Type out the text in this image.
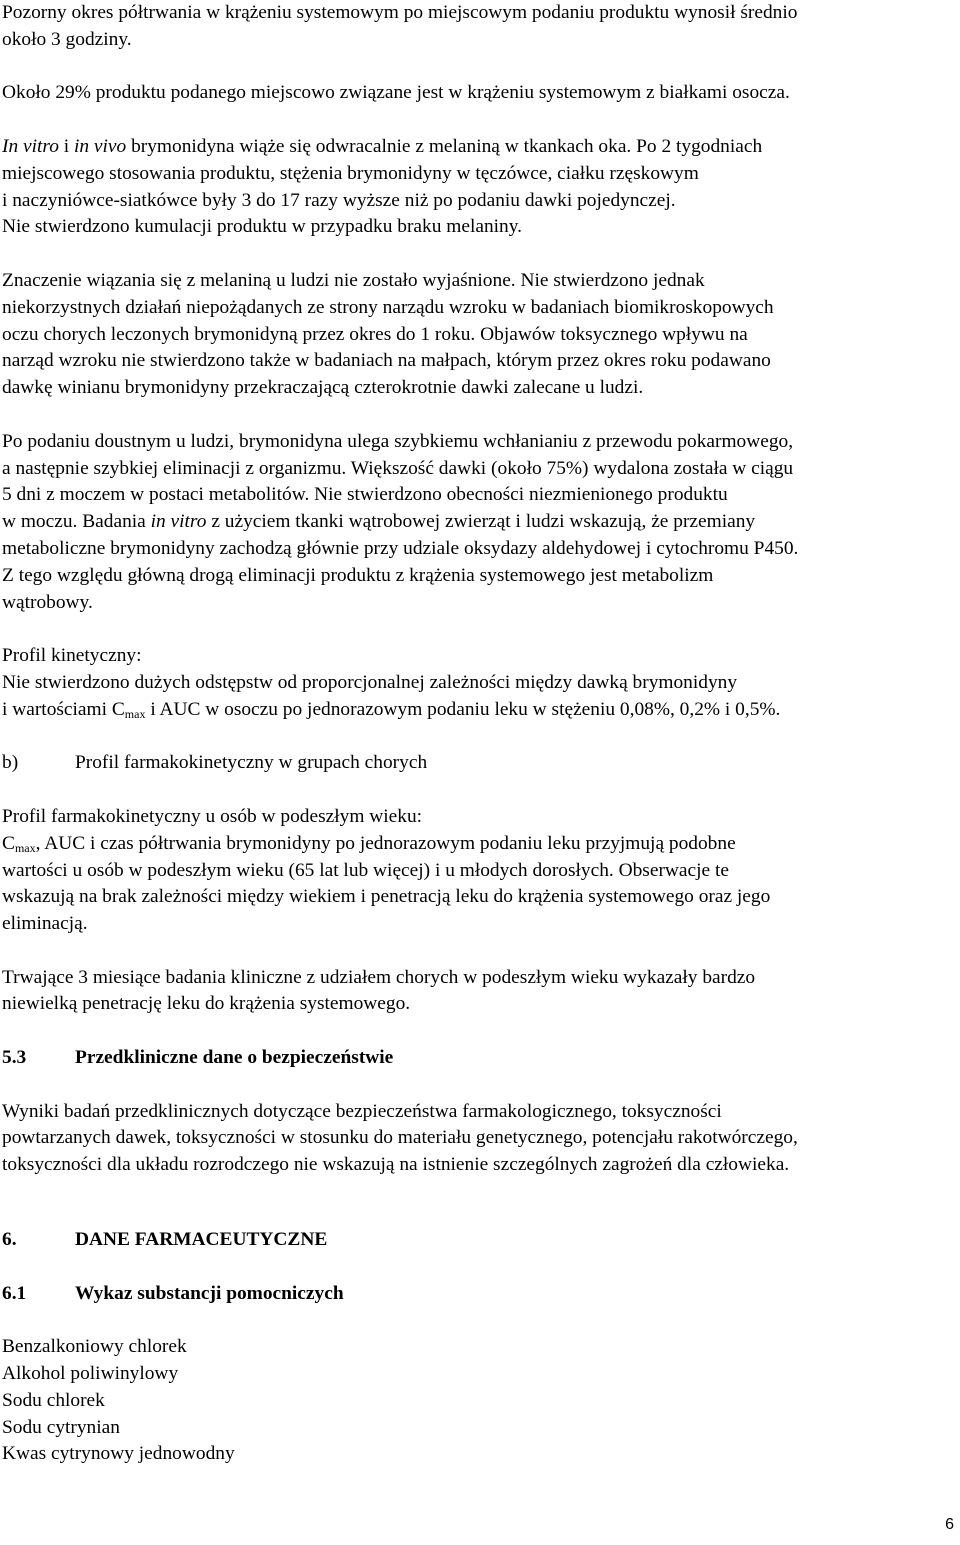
Pozorny okres półtrwania w krążeniu systemowym po miejscowym podaniu produktu wynosił średnio
około 3 godziny.

Około 29% produktu podanego miejscowo związane jest w krążeniu systemowym z białkami osocza.

In vitro i in vivo brymonidyna wiąże się odwracalnie z melaniną w tkankach oka. Po 2 tygodniach
miejscowego stosowania produktu, stężenia brymonidyny w tęczówce, ciałku rzęskowym
i naczyniówce-siatkówce były 3 do 17 razy wyższe niż po podaniu dawki pojedynczej.
Nie stwierdzono kumulacji produktu w przypadku braku melaniny.

Znaczenie wiązania się z melaniną u ludzi nie zostało wyjaśnione. Nie stwierdzono jednak
niekorzystnych działań niepożądanych ze strony narządu wzroku w badaniach biomikroskopowych
oczu chorych leczonych brymonidyną przez okres do 1 roku. Objawów toksycznego wpływu na
narząd wzroku nie stwierdzono także w badaniach na małpach, którym przez okres roku podawano
dawkę winianu brymonidyny przekraczającą czterokrotnie dawki zalecane u ludzi.

Po podaniu doustnym u ludzi, brymonidyna ulega szybkiemu wchłanianiu z przewodu pokarmowego,
a następnie szybkiej eliminacji z organizmu. Większość dawki (około 75%) wydalona została w ciągu
5 dni z moczem w postaci metabolitów. Nie stwierdzono obecności niezmienionego produktu
w moczu. Badania in vitro z użyciem tkanki wątrobowej zwierząt i ludzi wskazują, że przemiany
metaboliczne brymonidyny zachodzą głównie przy udziale oksydazy aldehydowej i cytochromu P450.
Z tego względu główną drogą eliminacji produktu z krążenia systemowego jest metabolizm
wątrobowy.

Profil kinetyczny:
Nie stwierdzono dużych odstępstw od proporcjonalnej zależności między dawką brymonidyny
i wartościami $C_{max}$ i AUC w osoczu po jednorazowym podaniu leku w stężeniu 0,08%, 0,2% i 0,5%.

b)	Profil farmakokinetyczny w grupach chorych

Profil farmakokinetyczny u osób w podeszłym wieku:
$C_{max}$, AUC i czas półtrwania brymonidyny po jednorazowym podaniu leku przyjmują podobne
wartości u osób w podeszłym wieku (65 lat lub więcej) i u młodych dorosłych. Obserwacje te
wskazują na brak zależności między wiekiem i penetracją leku do krążenia systemowego oraz jego
eliminacją.

Trwające 3 miesiące badania kliniczne z udziałem chorych w podeszłym wieku wykazały bardzo
niewielką penetrację leku do krążenia systemowego.

5.3	Przedkliniczne dane o bezpieczeństwie

Wyniki badań przedklinicznych dotyczące bezpieczeństwa farmakologicznego, toksyczności
powtarzanych dawek, toksyczności w stosunku do materiału genetycznego, potencjału rakotwórczego,
toksyczności dla układu rozrodczego nie wskazują na istnienie szczególnych zagrożeń dla człowieka.

6.	DANE FARMACEUTYCZNE

6.1	Wykaz substancji pomocniczych

Benzalkoniowy chlorek
Alkohol poliwinylowy
Sodu chlorek
Sodu cytrynian
Kwas cytrynowy jednowodny
6
